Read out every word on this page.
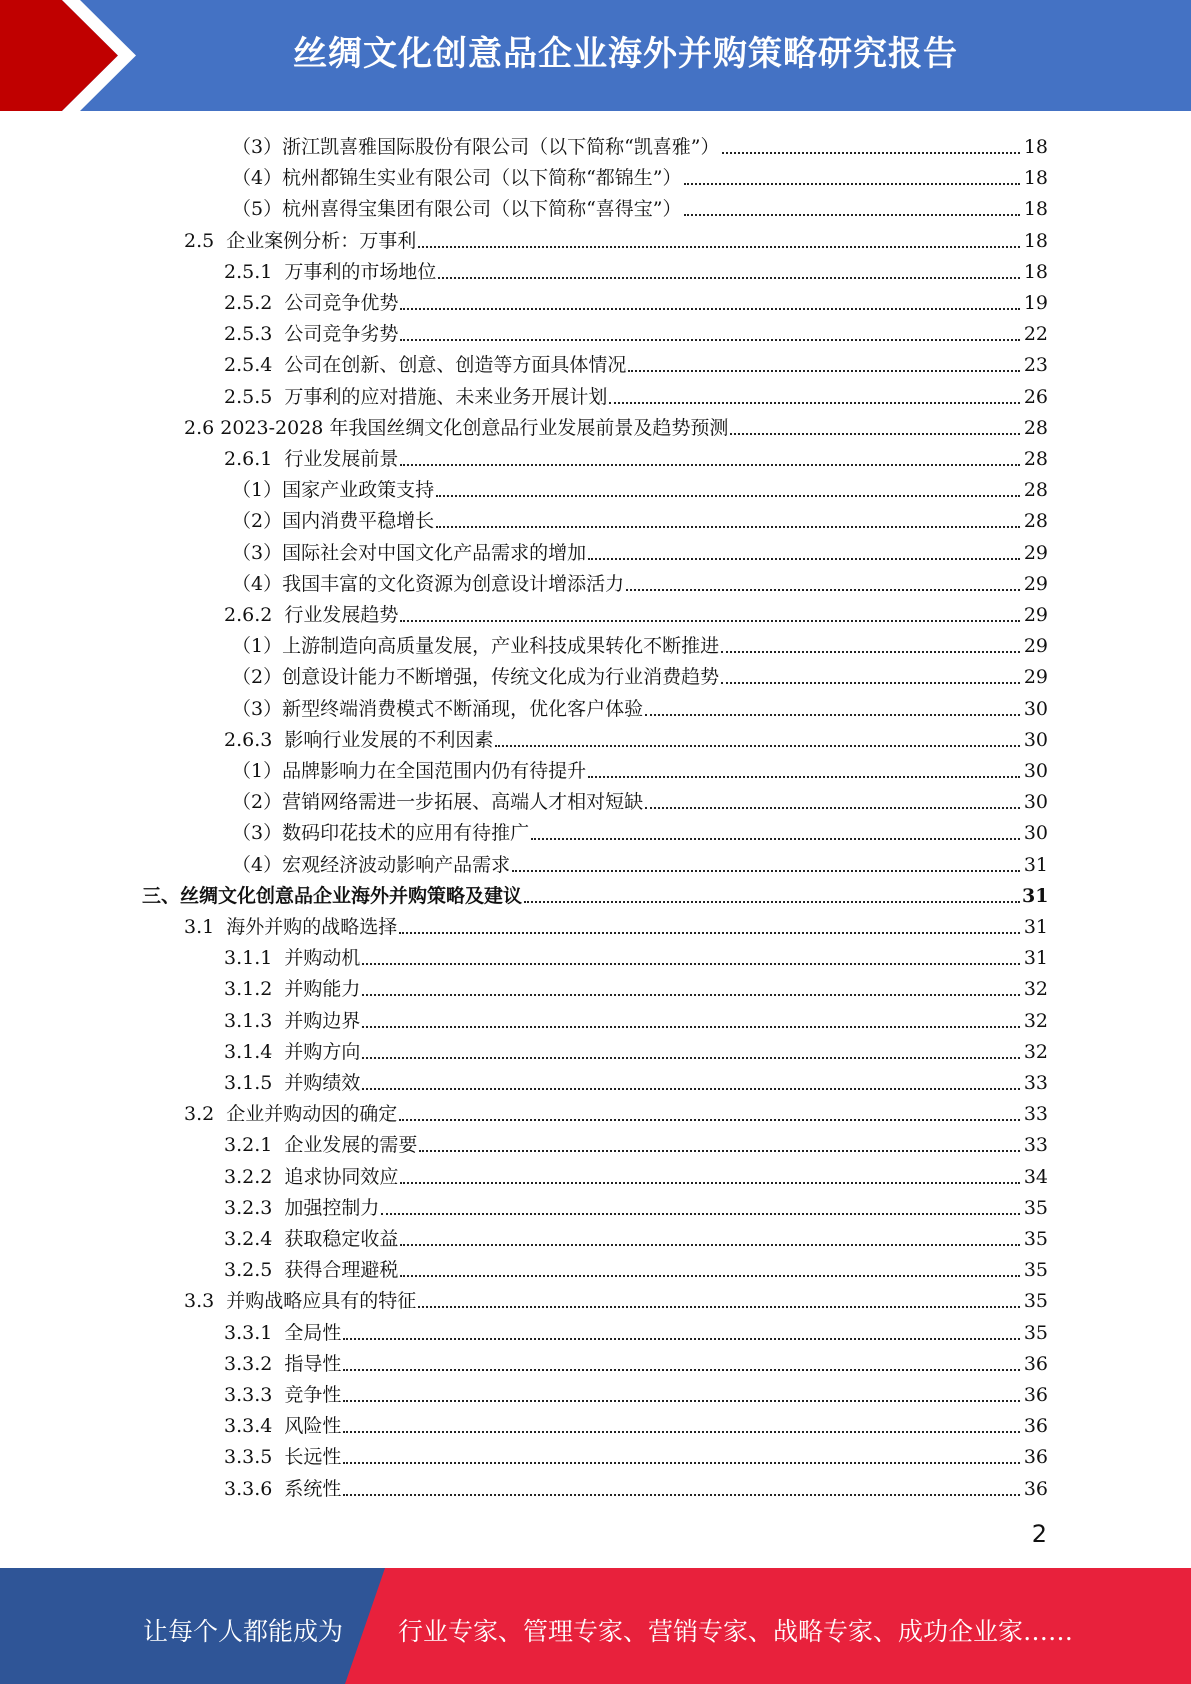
丝绸文化创意品企业海外并购策略研究报告
（3）浙江凯喜雅国际股份有限公司（以下简称“凯喜雅”）	18
（4）杭州都锦生实业有限公司（以下简称“都锦生”）	18
（5）杭州喜得宝集团有限公司（以下简称“喜得宝”）	18
2.5  企业案例分析：万事利	18
2.5.1  万事利的市场地位	18
2.5.2  公司竞争优势	19
2.5.3  公司竞争劣势	22
2.5.4  公司在创新、创意、创造等方面具体情况	23
2.5.5  万事利的应对措施、未来业务开展计划	26
2.6 2023-2028 年我国丝绸文化创意品行业发展前景及趋势预测	28
2.6.1  行业发展前景	28
（1）国家产业政策支持	28
（2）国内消费平稳增长	28
（3）国际社会对中国文化产品需求的增加	29
（4）我国丰富的文化资源为创意设计增添活力	29
2.6.2  行业发展趋势	29
（1）上游制造向高质量发展，产业科技成果转化不断推进	29
（2）创意设计能力不断增强，传统文化成为行业消费趋势	29
（3）新型终端消费模式不断涌现，优化客户体验	30
2.6.3  影响行业发展的不利因素	30
（1）品牌影响力在全国范围内仍有待提升	30
（2）营销网络需进一步拓展、高端人才相对短缺	30
（3）数码印花技术的应用有待推广	30
（4）宏观经济波动影响产品需求	31
三、丝绸文化创意品企业海外并购策略及建议	31
3.1  海外并购的战略选择	31
3.1.1  并购动机	31
3.1.2  并购能力	32
3.1.3  并购边界	32
3.1.4  并购方向	32
3.1.5  并购绩效	33
3.2  企业并购动因的确定	33
3.2.1  企业发展的需要	33
3.2.2  追求协同效应	34
3.2.3  加强控制力	35
3.2.4  获取稳定收益	35
3.2.5  获得合理避税	35
3.3  并购战略应具有的特征	35
3.3.1  全局性	35
3.3.2  指导性	36
3.3.3  竞争性	36
3.3.4  风险性	36
3.3.5  长远性	36
3.3.6  系统性	36
2
让每个人都能成为 行业专家、管理专家、营销专家、战略专家、成功企业家……
